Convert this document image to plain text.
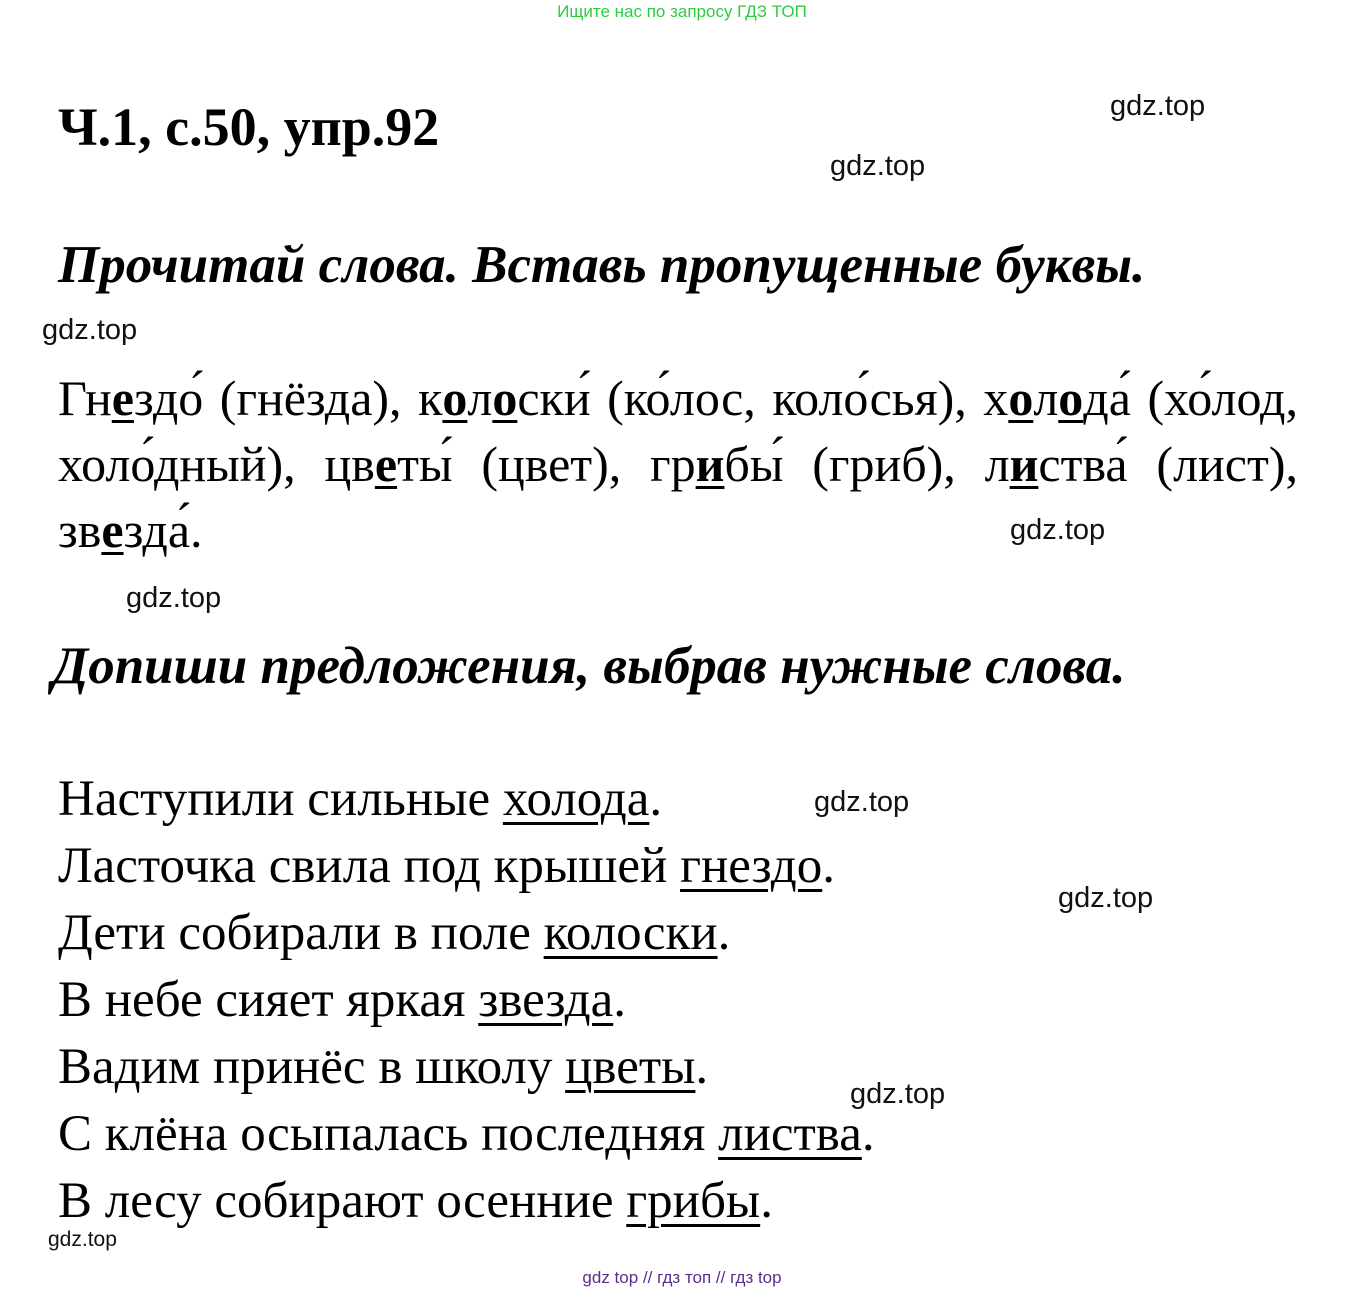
Ищите нас по запросу ГДЗ ТОП
Ч.1, с.50, упр.92	gdz.top
gdz.top
Прочитай слова. Вставь пропущенные буквы.
gdz.top
Гнездо́ (гнёзда), колоски́ (ко́лос, коло́сья), холода́ (хо́лод, холо́дный), цветы́ (цвет), грибы́ (гриб), листва́ (лист), звезда́.	gdz.top
gdz.top
Допиши предложения, выбрав нужные слова.
Наступили сильные холода.
Ласточка свила под крышей гнездо.
Дети собирали в поле колоски.
В небе сияет яркая звезда.
Вадим принёс в школу цветы.
С клёна осыпалась последняя листва.
В лесу собирают осенние грибы.
gdz.top
gdz.top
gdz.top
gdz.top
gdz top // гдз топ // гдз top
